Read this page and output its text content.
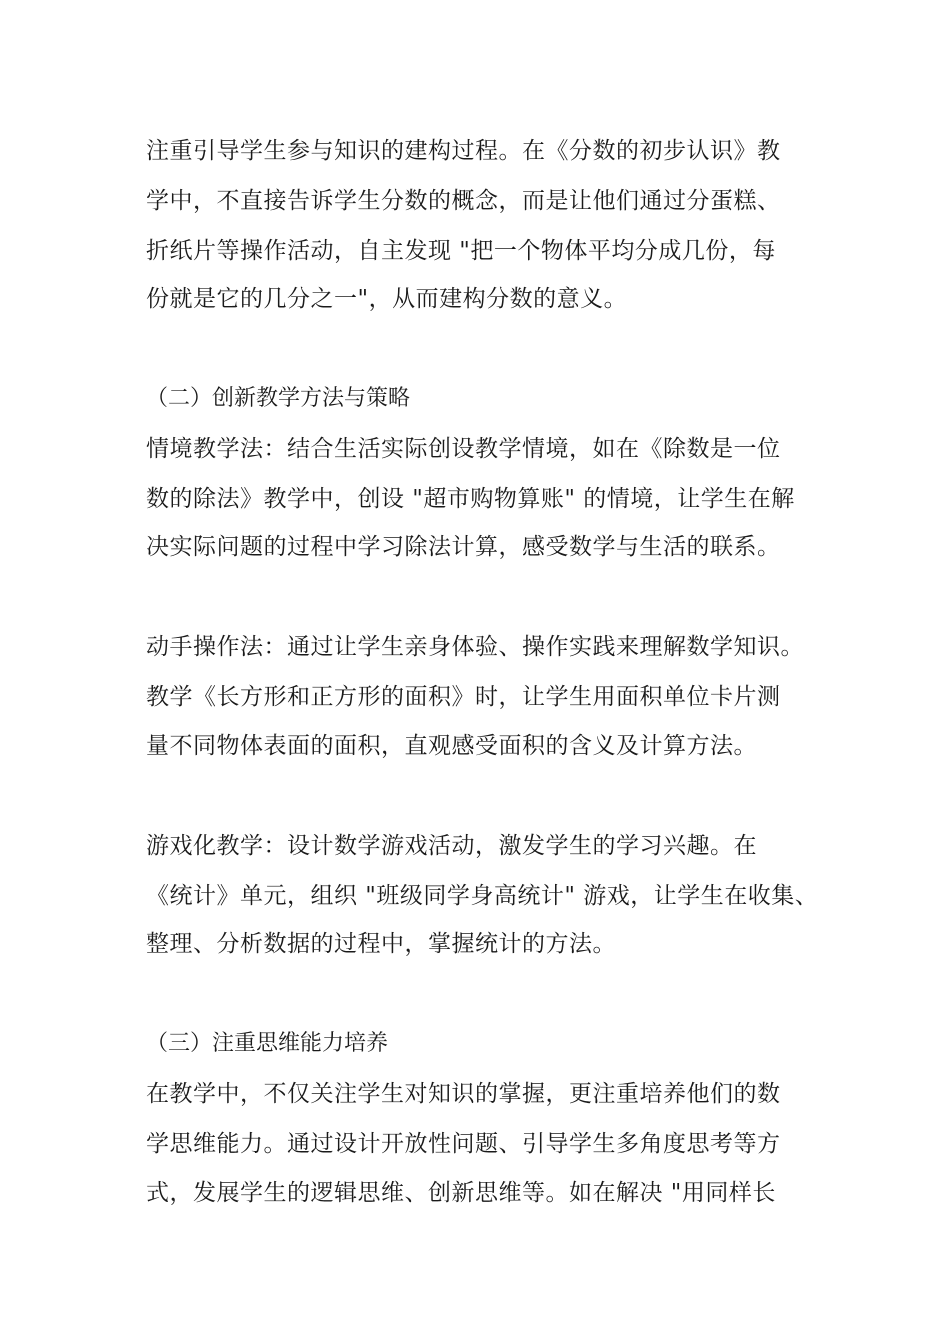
注重引导学生参与知识的建构过程。在《分数的初步认识》教
学中，不直接告诉学生分数的概念，而是让他们通过分蛋糕、
折纸片等操作活动，自主发现 "把一个物体平均分成几份，每
份就是它的几分之一"，从而建构分数的意义。
（二）创新教学方法与策略
情境教学法：结合生活实际创设教学情境，如在《除数是一位
数的除法》教学中，创设 "超市购物算账" 的情境，让学生在解
决实际问题的过程中学习除法计算，感受数学与生活的联系。
动手操作法：通过让学生亲身体验、操作实践来理解数学知识。
教学《长方形和正方形的面积》时，让学生用面积单位卡片测
量不同物体表面的面积，直观感受面积的含义及计算方法。
游戏化教学：设计数学游戏活动，激发学生的学习兴趣。在
《统计》单元，组织 "班级同学身高统计" 游戏，让学生在收集、
整理、分析数据的过程中，掌握统计的方法。
（三）注重思维能力培养
在教学中，不仅关注学生对知识的掌握，更注重培养他们的数
学思维能力。通过设计开放性问题、引导学生多角度思考等方
式，发展学生的逻辑思维、创新思维等。如在解决 "用同样长
